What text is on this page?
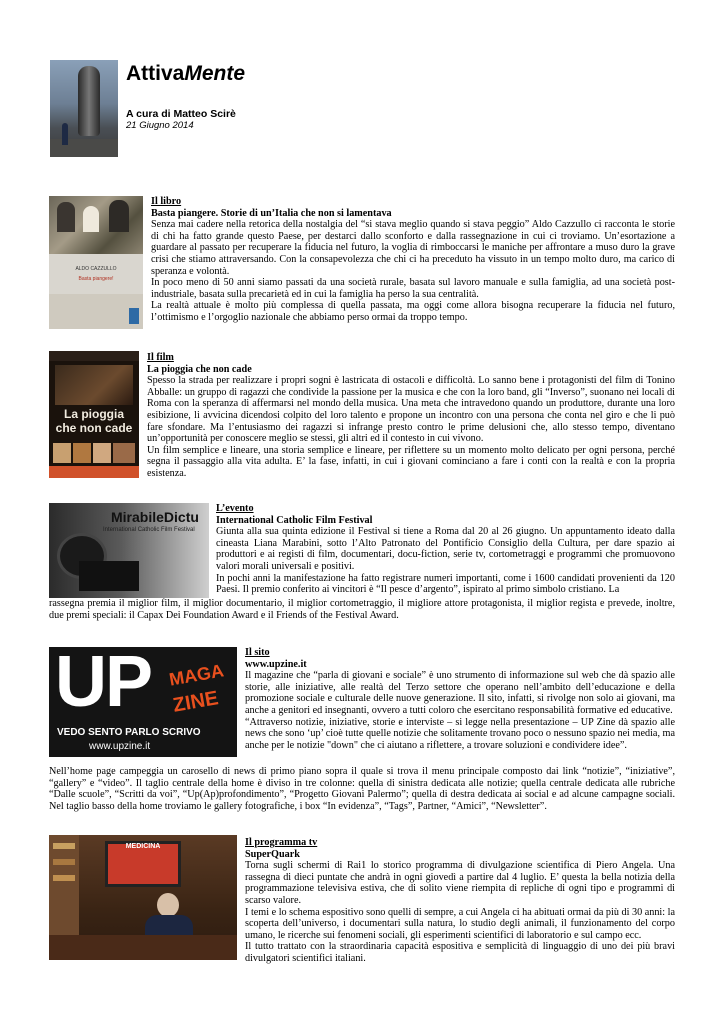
AttivaMente
A cura di Matteo Scirè
21 Giugno 2014
ALDO CAZZULLO
Basta piangere!
Il libro
Basta piangere. Storie di un’Italia che non si lamentava

Senza mai cadere nella retorica della nostalgia del “si stava meglio quando si stava peggio” Aldo Cazzullo ci racconta le storie di chi ha fatto grande questo Paese, per destarci dallo sconforto e dalla rassegnazione in cui ci troviamo. Un’esortazione a guardare al passato per recuperare la fiducia nel futuro, la voglia di rimboccarsi le maniche per affrontare a muso duro la grave crisi che stiamo attraversando. Con la consapevolezza che chi ci ha preceduto ha vissuto in un tempo molto duro, ma carico di speranza e volontà.

In poco meno di 50 anni siamo passati da una società rurale, basata sul lavoro manuale e sulla famiglia, ad una società post-industriale, basata sulla precarietà ed in cui la famiglia ha perso la sua centralità.

La realtà attuale è molto più complessa di quella passata, ma oggi come allora bisogna recuperare la fiducia nel futuro, l’ottimismo e l’orgoglio nazionale che abbiamo perso ormai da troppo tempo.

La pioggia
che non cade
Il film
La pioggia che non cade

Spesso la strada per realizzare i propri sogni è lastricata di ostacoli e difficoltà. Lo sanno bene i protagonisti del film di Tonino Abballe: un gruppo di ragazzi che condivide la passione per la musica e che con la loro band, gli “Inverso”, suonano nei locali di Roma con la speranza di affermarsi nel mondo della musica. Una meta che intravedono quando un produttore, durante una loro esibizione, li avvicina dicendosi colpito del loro talento e propone un incontro con una persona che conta nel giro e che li può fare sfondare. Ma l’entusiasmo dei ragazzi si infrange presto contro le prime delusioni che, allo stesso tempo, diventano un’opportunità per conoscere meglio se stessi, gli altri ed il contesto in cui vivono.

Un film semplice e lineare, una storia semplice e lineare, per riflettere su un momento molto delicato per ogni persona, perché segna il passaggio alla vita adulta. E’ la fase, infatti, in cui i giovani cominciano a fare i conti con la realtà e con la propria esistenza.

MirabileDictu
International Catholic Film Festival
L’evento
International Catholic Film Festival

Giunta alla sua quinta edizione il Festival si tiene a Roma dal 20 al 26 giugno. Un appuntamento ideato dalla cineasta Liana Marabini, sotto l’Alto Patronato del Pontificio Consiglio della Cultura, per dare spazio ai produttori e ai registi di film, documentari, docu-fiction, serie tv, cortometraggi e programmi che promuovono valori morali universali e positivi.

In pochi anni la manifestazione ha fatto registrare numeri importanti, come i 1600 candidati provenienti da 120 Paesi. Il premio conferito ai vincitori è “Il pesce d’argento”, ispirato al primo simbolo cristiano. La

rassegna premia il miglior film, il miglior documentario, il miglior cortometraggio, il migliore attore protagonista, il miglior regista e prevede, inoltre, due premi speciali: il Capax Dei Foundation Award e il Friends of the Festival Award.
UP MAGA
ZINE
VEDO SENTO PARLO SCRIVO
www.upzine.it
Il sito
www.upzine.it

Il magazine che “parla di giovani e sociale” è uno strumento di informazione sul web che dà spazio alle storie, alle iniziative, alle realtà del Terzo settore che operano nell’ambito dell’educazione e della promozione sociale e culturale delle nuove generazione. Il sito, infatti, si rivolge non solo ai giovani, ma anche a genitori ed insegnanti, ovvero a tutti coloro che esercitano responsabilità formative ed educative.

“Attraverso notizie, iniziative, storie e interviste – si legge nella presentazione – UP Zine dà spazio alle news che sono ‘up’ cioè tutte quelle notizie che solitamente trovano poco o nessuno spazio nei media, ma anche per le notizie "down" che ci aiutano a riflettere, a trovare soluzioni e condividere idee”.

Nell’home page campeggia un carosello di news di primo piano sopra il quale si trova il menu principale composto dai link “notizie”, “iniziative”, “gallery” e “video”. Il taglio centrale della home è diviso in tre colonne: quella di sinistra dedicata alle notizie; quella centrale dedicata alle rubriche “Dalle scuole”, “Scritti da voi”, “Up(Ap)profondimento”, “Progetto Giovani Palermo”; quella di destra dedicata ai social e ad alcune campagne sociali. Nel taglio basso della home troviamo le gallery fotografiche, i box “In evidenza”, “Tags”, Partner, “Amici”, “Newsletter”.
MEDICINA	Il programma tv
SuperQuark

Torna sugli schermi di Rai1 lo storico programma di divulgazione scientifica di Piero Angela. Una rassegna di dieci puntate che andrà in ogni giovedì a partire dal 4 luglio. E’ questa la bella notizia della programmazione televisiva estiva, che di solito viene riempita di repliche di ogni tipo e programmi di scarso valore.

I temi e lo schema espositivo sono quelli di sempre, a cui Angela ci ha abituati ormai da più di 30 anni: la scoperta dell’universo, i documentari sulla natura, lo studio degli animali, il funzionamento del corpo umano, le ricerche sui fenomeni sociali, gli esperimenti scientifici di laboratorio e sul campo ecc.

Il tutto trattato con la straordinaria capacità espositiva e semplicità di linguaggio di uno dei più bravi divulgatori scientifici italiani.
